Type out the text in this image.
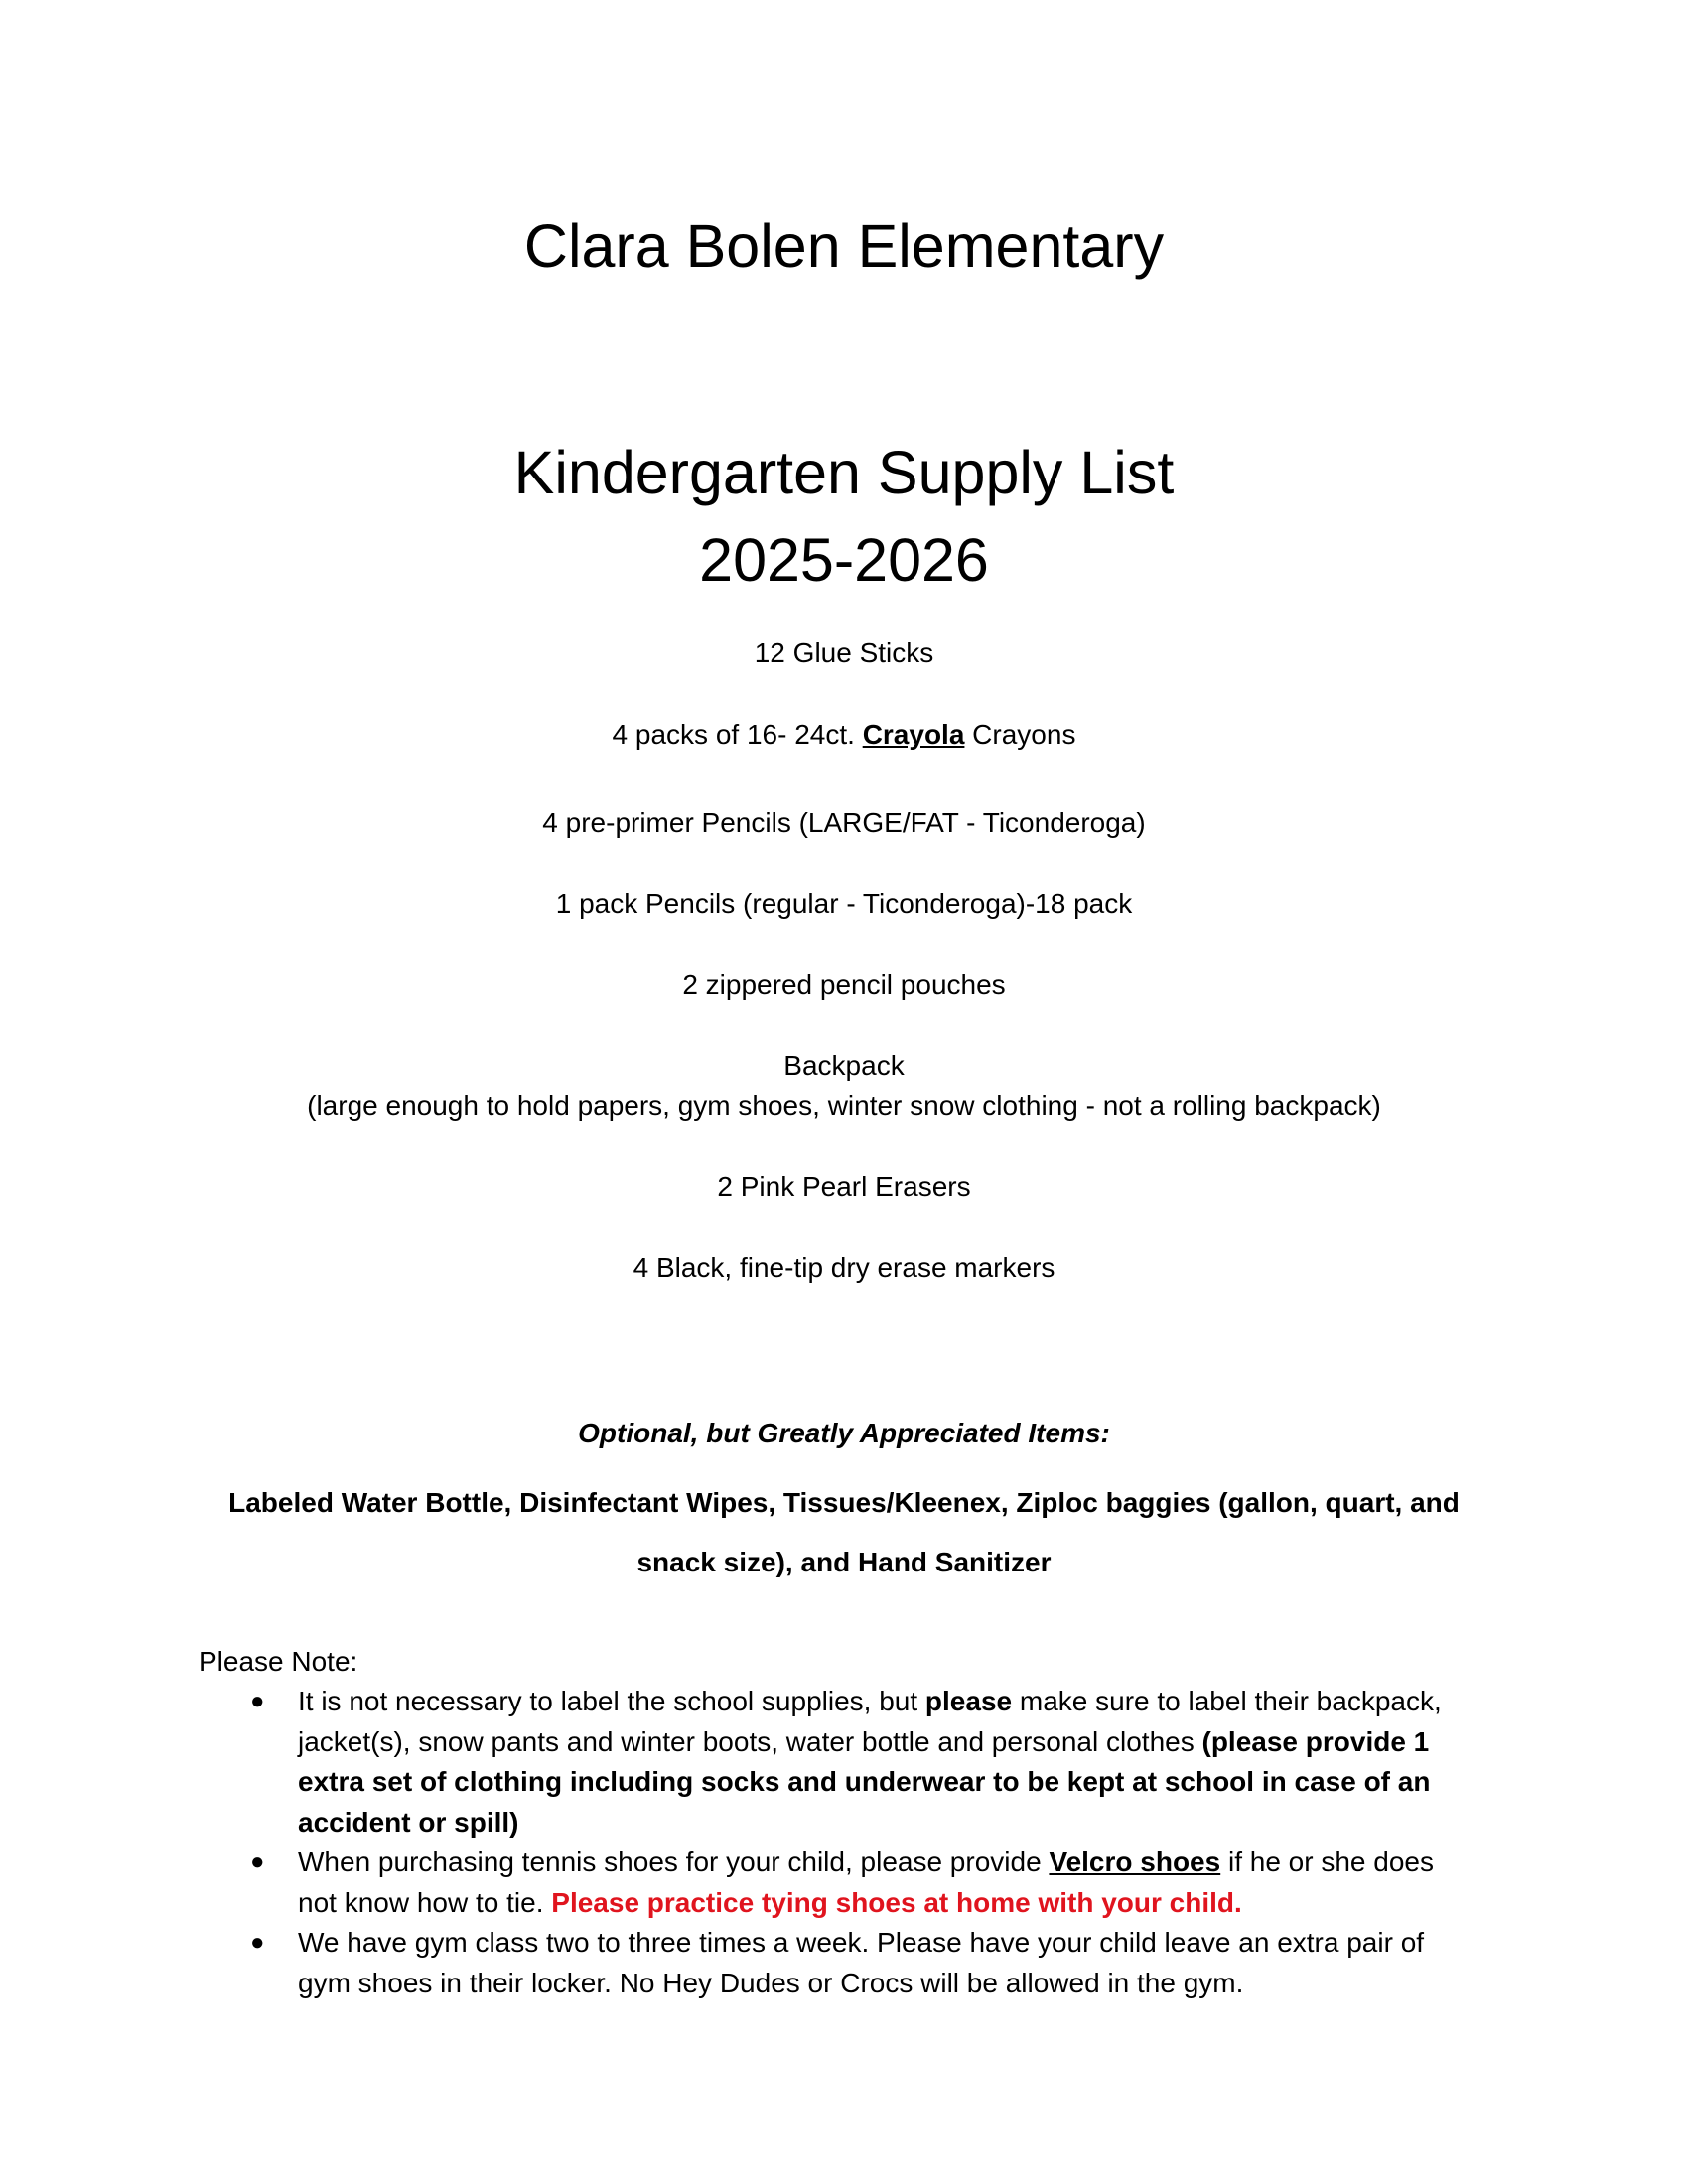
Clara Bolen Elementary
Kindergarten Supply List
2025-2026
12 Glue Sticks
4 packs of 16- 24ct. Crayola Crayons
4 pre-primer Pencils (LARGE/FAT - Ticonderoga)
1 pack Pencils (regular - Ticonderoga)-18 pack
2 zippered pencil pouches
Backpack
(large enough to hold papers, gym shoes, winter snow clothing - not a rolling backpack)
2 Pink Pearl Erasers
4 Black, fine-tip dry erase markers
Optional, but Greatly Appreciated Items:
Labeled Water Bottle, Disinfectant Wipes, Tissues/Kleenex, Ziploc baggies (gallon, quart, and snack size), and Hand Sanitizer
Please Note:
● It is not necessary to label the school supplies, but please make sure to label their backpack, jacket(s), snow pants and winter boots, water bottle and personal clothes (please provide 1 extra set of clothing including socks and underwear to be kept at school in case of an accident or spill)
● When purchasing tennis shoes for your child, please provide Velcro shoes if he or she does not know how to tie. Please practice tying shoes at home with your child.
● We have gym class two to three times a week. Please have your child leave an extra pair of gym shoes in their locker. No Hey Dudes or Crocs will be allowed in the gym.
